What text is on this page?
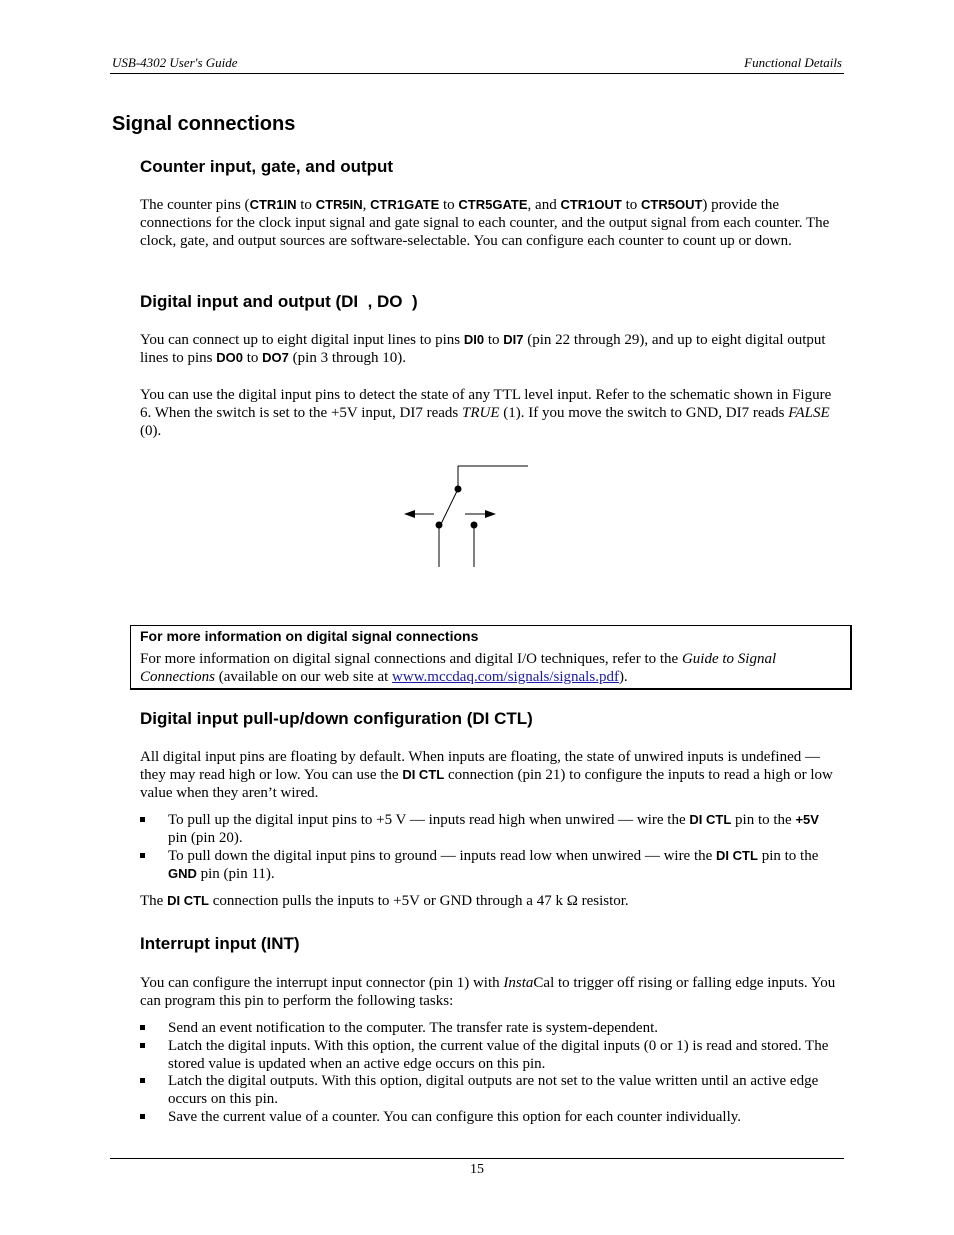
USB-4302 User's Guide	Functional Details
Signal connections
Counter input, gate, and output

The counter pins (CTR1IN to CTR5IN, CTR1GATE to CTR5GATE, and CTR1OUT to CTR5OUT) provide the connections for the clock input signal and gate signal to each counter, and the output signal from each counter. The clock, gate, and output sources are software-selectable. You can configure each counter to count up or down.

Digital input and output (DI  , DO  )

You can connect up to eight digital input lines to pins DI0 to DI7 (pin 22 through 29), and up to eight digital output lines to pins DO0 to DO7 (pin 3 through 10).

You can use the digital input pins to detect the state of any TTL level input. Refer to the schematic shown in Figure 6. When the switch is set to the +5V input, DI7 reads TRUE (1). If you move the switch to GND, DI7 reads FALSE (0).

For more information on digital signal connections
For more information on digital signal connections and digital I/O techniques, refer to the Guide to Signal Connections (available on our web site at www.mccdaq.com/signals/signals.pdf).
Digital input pull-up/down configuration (DI CTL)

All digital input pins are floating by default. When inputs are floating, the state of unwired inputs is undefined —they may read high or low. You can use the DI CTL connection (pin 21) to configure the inputs to read a high or low value when they aren’t wired.

To pull up the digital input pins to +5 V — inputs read high when unwired — wire the DI CTL pin to the +5V pin (pin 20).
To pull down the digital input pins to ground — inputs read low when unwired — wire the DI CTL pin to the GND pin (pin 11).

The DI CTL connection pulls the inputs to +5V or GND through a 47 k Ω resistor.

Interrupt input (INT)

You can configure the interrupt input connector (pin 1) with InstaCal to trigger off rising or falling edge inputs. You can program this pin to perform the following tasks:

Send an event notification to the computer. The transfer rate is system-dependent.
Latch the digital inputs. With this option, the current value of the digital inputs (0 or 1) is read and stored. The stored value is updated when an active edge occurs on this pin.
Latch the digital outputs. With this option, digital outputs are not set to the value written until an active edge occurs on this pin.
Save the current value of a counter. You can configure this option for each counter individually.
15
